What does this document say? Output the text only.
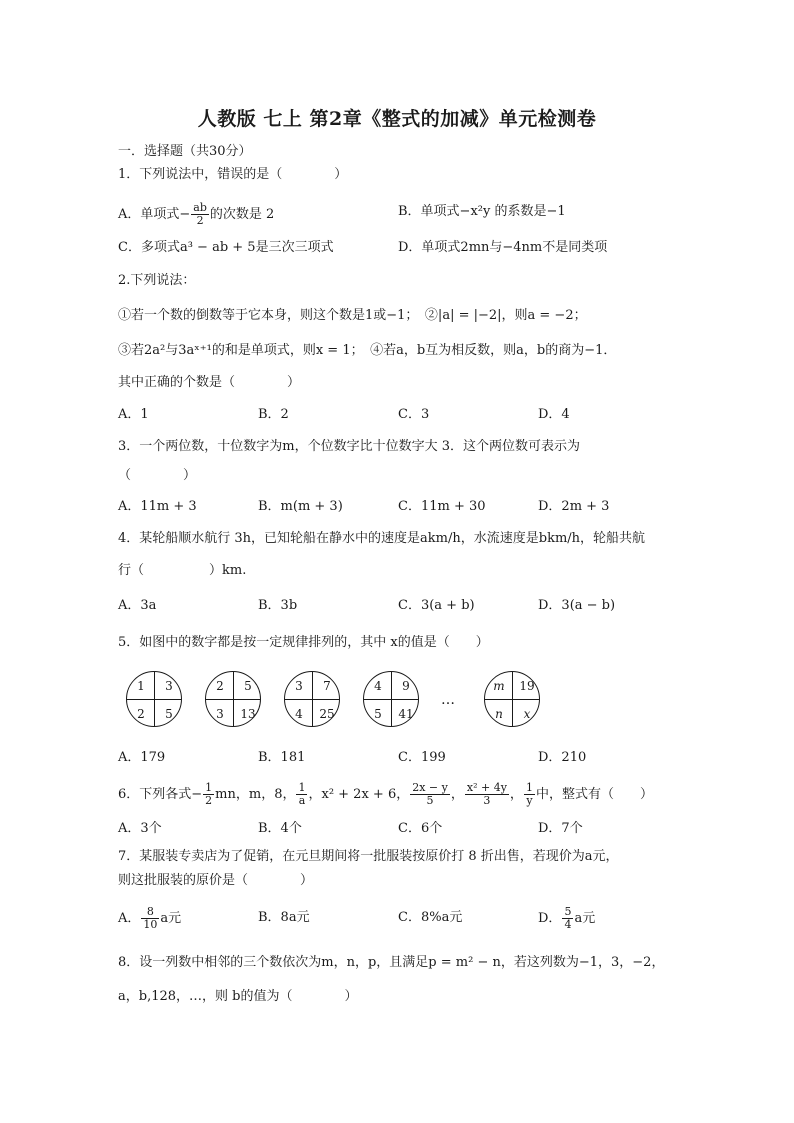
人教版 七上 第2章《整式的加减》单元检测卷
一．选择题（共30分）
1．下列说法中，错误的是（　　　　）
A．单项式− $\frac{ab}{2}$ 的次数是 2	B．单项式−x²y 的系数是−1
C．多项式a³ − ab + 5是三次三项式	D．单项式2mn与−4nm不是同类项
2.下列说法：
①若一个数的倒数等于它本身，则这个数是1或−1；　②|a| = |−2|，则a = −2；
③若2a²与3aˣ⁺¹的和是单项式，则x = 1；　④若a，b互为相反数，则a，b的商为−1．
其中正确的个数是（　　　　）
A．1	B．2	C．3	D．4
3．一个两位数，十位数字为m，个位数字比十位数字大 3．这个两位数可表示为
（　　　　）
A．11m + 3	B．m(m + 3)	C．11m + 30	D．2m + 3
4．某轮船顺水航行 3h，已知轮船在静水中的速度是akm/h，水流速度是bkm/h，轮船共航
行（　　　　　）km.
A．3a	B．3b	C．3(a + b)	D．3(a − b)
5．如图中的数字都是按一定规律排列的，其中 x的值是（　　）
1	3
2	5
2	5
3	13
3	7
4	25
4	9
5	41
…
m	19
n	x
A．179	B．181	C．199	D．210
6．下列各式− $\frac{1}{2}$ mn，m，8， $\frac{1}{a}$ ，x² + 2x + 6， $\frac{2x - y}{5}$ ， $\frac{\text{x² + 4y}}{3}$ ， $\frac{1}{y}$ 中，整式有（　　）
A．3个	B．4个	C．6个	D．7个
7．某服装专卖店为了促销，在元旦期间将一批服装按原价打 8 折出售，若现价为a元，
则这批服装的原价是（　　　　）
A． $\frac{8}{10}$ a元	B．8a元	C．8%a元	D． $\frac{5}{4}$ a元
8．设一列数中相邻的三个数依次为m，n，p，且满足p = m² − n，若这列数为−1，3，−2，
a，b,128，…，则 b的值为（　　　　）
